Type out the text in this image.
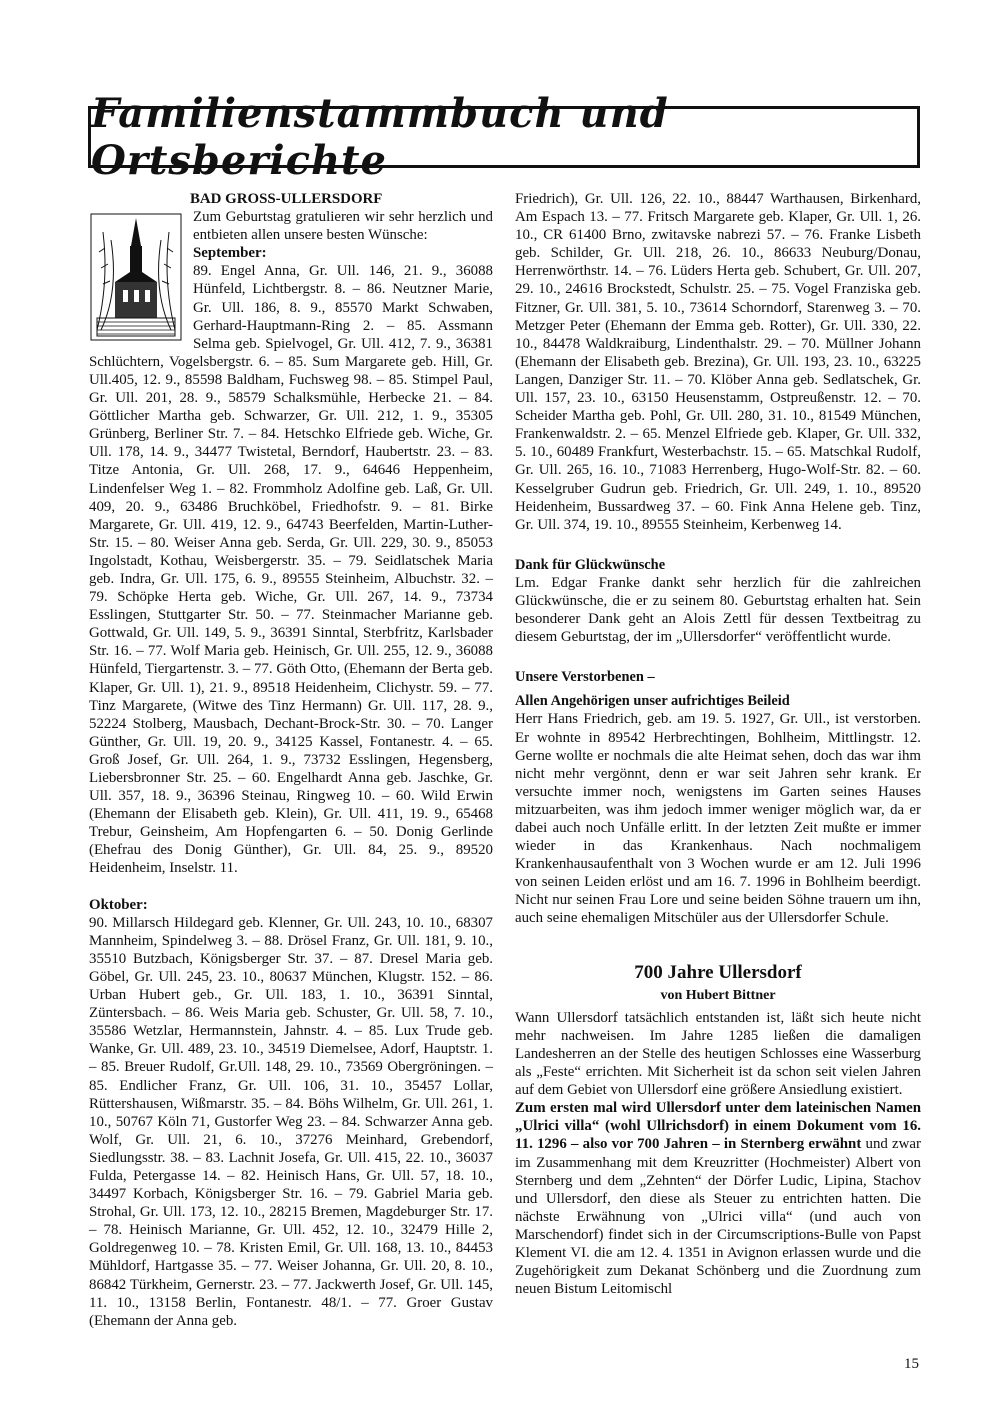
Familienstammbuch und Ortsberichte

BAD GROSS-ULLERSDORF

Zum Geburtstag gratulieren wir sehr herzlich und entbieten allen unsere besten Wünsche:

September:

89. Engel Anna, Gr. Ull. 146, 21. 9., 36088 Hünfeld, Lichtbergstr. 8. – 86. Neutzner Marie, Gr. Ull. 186, 8. 9., 85570 Markt Schwaben, Gerhard-Hauptmann-Ring 2. – 85. Assmann Selma geb. Spielvogel, Gr. Ull. 412, 7. 9., 36381 Schlüchtern, Vogelsbergstr. 6. – 85. Sum Margarete geb. Hill, Gr. Ull.405, 12. 9., 85598 Baldham, Fuchsweg 98. – 85. Stimpel Paul, Gr. Ull. 201, 28. 9., 58579 Schalksmühle, Herbecke 21. – 84. Göttlicher Martha geb. Schwarzer, Gr. Ull. 212, 1. 9., 35305 Grünberg, Berliner Str. 7. – 84. Hetschko Elfriede geb. Wiche, Gr. Ull. 178, 14. 9., 34477 Twistetal, Berndorf, Haubertstr. 23. – 83. Titze Antonia, Gr. Ull. 268, 17. 9., 64646 Heppenheim, Lindenfelser Weg 1. – 82. Frommholz Adolfine geb. Laß, Gr. Ull. 409, 20. 9., 63486 Bruchköbel, Friedhofstr. 9. – 81. Birke Margarete, Gr. Ull. 419, 12. 9., 64743 Beerfelden, Martin-Luther-Str. 15. – 80. Weiser Anna geb. Serda, Gr. Ull. 229, 30. 9., 85053 Ingolstadt, Kothau, Weisbergerstr. 35. – 79. Seidlatschek Maria geb. Indra, Gr. Ull. 175, 6. 9., 89555 Steinheim, Albuchstr. 32. – 79. Schöpke Herta geb. Wiche, Gr. Ull. 267, 14. 9., 73734 Esslingen, Stuttgarter Str. 50. – 77. Steinmacher Marianne geb. Gottwald, Gr. Ull. 149, 5. 9., 36391 Sinntal, Sterbfritz, Karlsbader Str. 16. – 77. Wolf Maria geb. Heinisch, Gr. Ull. 255, 12. 9., 36088 Hünfeld, Tiergartenstr. 3. – 77. Göth Otto, (Ehemann der Berta geb. Klaper, Gr. Ull. 1), 21. 9., 89518 Heidenheim, Clichystr. 59. – 77. Tinz Margarete, (Witwe des Tinz Hermann) Gr. Ull. 117, 28. 9., 52224 Stolberg, Mausbach, Dechant-Brock-Str. 30. – 70. Langer Günther, Gr. Ull. 19, 20. 9., 34125 Kassel, Fontanestr. 4. – 65. Groß Josef, Gr. Ull. 264, 1. 9., 73732 Esslingen, Hegensberg, Liebersbronner Str. 25. – 60. Engelhardt Anna geb. Jaschke, Gr. Ull. 357, 18. 9., 36396 Steinau, Ringweg 10. – 60. Wild Erwin (Ehemann der Elisabeth geb. Klein), Gr. Ull. 411, 19. 9., 65468 Trebur, Geinsheim, Am Hopfengarten 6. – 50. Donig Gerlinde (Ehefrau des Donig Günther), Gr. Ull. 84, 25. 9., 89520 Heidenheim, Inselstr. 11.

Oktober:

90. Millarsch Hildegard geb. Klenner, Gr. Ull. 243, 10. 10., 68307 Mannheim, Spindelweg 3. – 88. Drösel Franz, Gr. Ull. 181, 9. 10., 35510 Butzbach, Königsberger Str. 37. – 87. Dresel Maria geb. Göbel, Gr. Ull. 245, 23. 10., 80637 München, Klugstr. 152. – 86. Urban Hubert geb., Gr. Ull. 183, 1. 10., 36391 Sinntal, Züntersbach. – 86. Weis Maria geb. Schuster, Gr. Ull. 58, 7. 10., 35586 Wetzlar, Hermannstein, Jahnstr. 4. – 85. Lux Trude geb. Wanke, Gr. Ull. 489, 23. 10., 34519 Diemelsee, Adorf, Hauptstr. 1. – 85. Breuer Rudolf, Gr.Ull. 148, 29. 10., 73569 Obergröningen. – 85. Endlicher Franz, Gr. Ull. 106, 31. 10., 35457 Lollar, Rüttershausen, Wißmarstr. 35. – 84. Böhs Wilhelm, Gr. Ull. 261, 1. 10., 50767 Köln 71, Gustorfer Weg 23. – 84. Schwarzer Anna geb. Wolf, Gr. Ull. 21, 6. 10., 37276 Meinhard, Grebendorf, Siedlungsstr. 38. – 83. Lachnit Josefa, Gr. Ull. 415, 22. 10., 36037 Fulda, Petergasse 14. – 82. Heinisch Hans, Gr. Ull. 57, 18. 10., 34497 Korbach, Königsberger Str. 16. – 79. Gabriel Maria geb. Strohal, Gr. Ull. 173, 12. 10., 28215 Bremen, Magdeburger Str. 17. – 78. Heinisch Marianne, Gr. Ull. 452, 12. 10., 32479 Hille 2, Goldregenweg 10. – 78. Kristen Emil, Gr. Ull. 168, 13. 10., 84453 Mühldorf, Hartgasse 35. – 77. Weiser Johanna, Gr. Ull. 20, 8. 10., 86842 Türkheim, Gernerstr. 23. – 77. Jackwerth Josef, Gr. Ull. 145, 11. 10., 13158 Berlin, Fontanestr. 48/1. – 77. Groer Gustav (Ehemann der Anna geb.

Friedrich), Gr. Ull. 126, 22. 10., 88447 Warthausen, Birkenhard, Am Espach 13. – 77. Fritsch Margarete geb. Klaper, Gr. Ull. 1, 26. 10., CR 61400 Brno, zwitavske nabrezi 57. – 76. Franke Lisbeth geb. Schilder, Gr. Ull. 218, 26. 10., 86633 Neuburg/Donau, Herrenwörthstr. 14. – 76. Lüders Herta geb. Schubert, Gr. Ull. 207, 29. 10., 24616 Brockstedt, Schulstr. 25. – 75. Vogel Franziska geb. Fitzner, Gr. Ull. 381, 5. 10., 73614 Schorndorf, Starenweg 3. – 70. Metzger Peter (Ehemann der Emma geb. Rotter), Gr. Ull. 330, 22. 10., 84478 Waldkraiburg, Lindenthalstr. 29. – 70. Müllner Johann (Ehemann der Elisabeth geb. Brezina), Gr. Ull. 193, 23. 10., 63225 Langen, Danziger Str. 11. – 70. Klöber Anna geb. Sedlatschek, Gr. Ull. 157, 23. 10., 63150 Heusenstamm, Ostpreußenstr. 12. – 70. Scheider Martha geb. Pohl, Gr. Ull. 280, 31. 10., 81549 München, Frankenwaldstr. 2. – 65. Menzel Elfriede geb. Klaper, Gr. Ull. 332, 5. 10., 60489 Frankfurt, Westerbachstr. 15. – 65. Matschkal Rudolf, Gr. Ull. 265, 16. 10., 71083 Herrenberg, Hugo-Wolf-Str. 82. – 60. Kesselgruber Gudrun geb. Friedrich, Gr. Ull. 249, 1. 10., 89520 Heidenheim, Bussardweg 37. – 60. Fink Anna Helene geb. Tinz, Gr. Ull. 374, 19. 10., 89555 Steinheim, Kerbenweg 14.

Dank für Glückwünsche

Lm. Edgar Franke dankt sehr herzlich für die zahlreichen Glückwünsche, die er zu seinem 80. Geburtstag erhalten hat. Sein besonderer Dank geht an Alois Zettl für dessen Textbeitrag zu diesem Geburtstag, der im „Ullersdorfer“ veröffentlicht wurde.

Unsere Verstorbenen –

Allen Angehörigen unser aufrichtiges Beileid

Herr Hans Friedrich, geb. am 19. 5. 1927, Gr. Ull., ist verstorben. Er wohnte in 89542 Herbrechtingen, Bohlheim, Mittlingstr. 12. Gerne wollte er nochmals die alte Heimat sehen, doch das war ihm nicht mehr vergönnt, denn er war seit Jahren sehr krank. Er versuchte immer noch, wenigstens im Garten seines Hauses mitzuarbeiten, was ihm jedoch immer weniger möglich war, da er dabei auch noch Unfälle erlitt. In der letzten Zeit mußte er immer wieder in das Krankenhaus. Nach nochmaligem Krankenhausaufenthalt von 3 Wochen wurde er am 12. Juli 1996 von seinen Leiden erlöst und am 16. 7. 1996 in Bohlheim beerdigt. Nicht nur seinen Frau Lore und seine beiden Söhne trauern um ihn, auch seine ehemaligen Mitschüler aus der Ullersdorfer Schule.

700 Jahre Ullersdorf

von Hubert Bittner

Wann Ullersdorf tatsächlich entstanden ist, läßt sich heute nicht mehr nachweisen. Im Jahre 1285 ließen die damaligen Landesherren an der Stelle des heutigen Schlosses eine Wasserburg als „Feste“ errichten. Mit Sicherheit ist da schon seit vielen Jahren auf dem Gebiet von Ullersdorf eine größere Ansiedlung existiert.

Zum ersten mal wird Ullersdorf unter dem lateinischen Namen „Ulrici villa“ (wohl Ullrichsdorf) in einem Dokument vom 16. 11. 1296 – also vor 700 Jahren – in Sternberg erwähnt und zwar im Zusammenhang mit dem Kreuzritter (Hochmeister) Albert von Sternberg und dem „Zehnten“ der Dörfer Ludic, Lipina, Stachov und Ullersdorf, den diese als Steuer zu entrichten hatten. Die nächste Erwähnung von „Ulrici villa“ (und auch von Marschendorf) findet sich in der Circumscriptions-Bulle von Papst Klement VI. die am 12. 4. 1351 in Avignon erlassen wurde und die Zugehörigkeit zum Dekanat Schönberg und die Zuordnung zum neuen Bistum Leitomischl

15
